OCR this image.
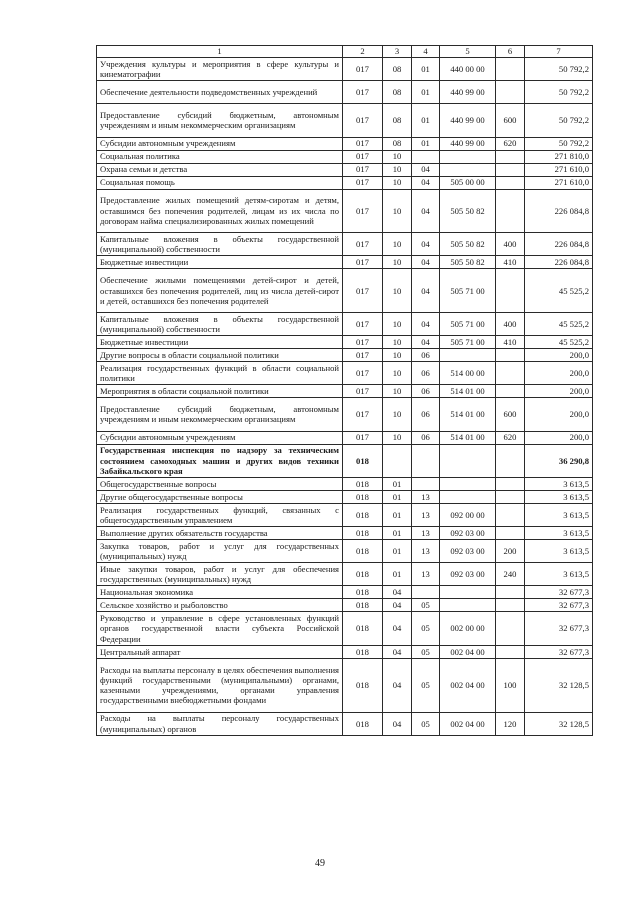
1	2	3	4	5	6	7
Учреждения культуры и мероприятия в сфере культуры и кинематографии	017	08	01	440 00 00		50 792,2
Обеспечение деятельности подведомственных учреждений	017	08	01	440 99 00		50 792,2
Предоставление субсидий бюджетным, автономным учреждениям и иным некоммерческим организациям	017	08	01	440 99 00	600	50 792,2
Субсидии автономным учреждениям	017	08	01	440 99 00	620	50 792,2
Социальная политика	017	10				271 810,0
Охрана семьи и детства	017	10	04			271 610,0
Социальная помощь	017	10	04	505 00 00		271 610,0
Предоставление жилых помещений детям-сиротам и детям, оставшимся без попечения родителей, лицам из их числа по договорам найма специализированных жилых помещений	017	10	04	505 50 82		226 084,8
Капитальные вложения в объекты государственной (муниципальной) собственности	017	10	04	505 50 82	400	226 084,8
Бюджетные инвестиции	017	10	04	505 50 82	410	226 084,8
Обеспечение жилыми помещениями детей-сирот и детей, оставшихся без попечения родителей, лиц из числа детей-сирот и детей, оставшихся без попечения родителей	017	10	04	505 71 00		45 525,2
Капитальные вложения в объекты государственной (муниципальной) собственности	017	10	04	505 71 00	400	45 525,2
Бюджетные инвестиции	017	10	04	505 71 00	410	45 525,2
Другие вопросы в области социальной политики	017	10	06			200,0
Реализация государственных функций в области социальной политики	017	10	06	514 00 00		200,0
Мероприятия в области социальной политики	017	10	06	514 01 00		200,0
Предоставление субсидий бюджетным, автономным учреждениям и иным некоммерческим организациям	017	10	06	514 01 00	600	200,0
Субсидии автономным учреждениям	017	10	06	514 01 00	620	200,0
Государственная инспекция по надзору за техническим состоянием самоходных машин и других видов техники Забайкальского края	018					36 290,8
Общегосударственные вопросы	018	01				3 613,5
Другие общегосударственные вопросы	018	01	13			3 613,5
Реализация государственных функций, связанных с общегосударственным управлением	018	01	13	092 00 00		3 613,5
Выполнение других обязательств государства	018	01	13	092 03 00		3 613,5
Закупка товаров, работ и услуг для государственных (муниципальных) нужд	018	01	13	092 03 00	200	3 613,5
Иные закупки товаров, работ и услуг для обеспечения государственных (муниципальных) нужд	018	01	13	092 03 00	240	3 613,5
Национальная экономика	018	04				32 677,3
Сельское хозяйство и рыболовство	018	04	05			32 677,3
Руководство и управление в сфере установленных функций органов государственной власти субъекта Российской Федерации	018	04	05	002 00 00		32 677,3
Центральный аппарат	018	04	05	002 04 00		32 677,3
Расходы на выплаты персоналу в целях обеспечения выполнения функций государственными (муниципальными) органами, казенными учреждениями, органами управления государственными внебюджетными фондами	018	04	05	002 04 00	100	32 128,5
Расходы на выплаты персоналу государственных (муниципальных) органов	018	04	05	002 04 00	120	32 128,5
49
